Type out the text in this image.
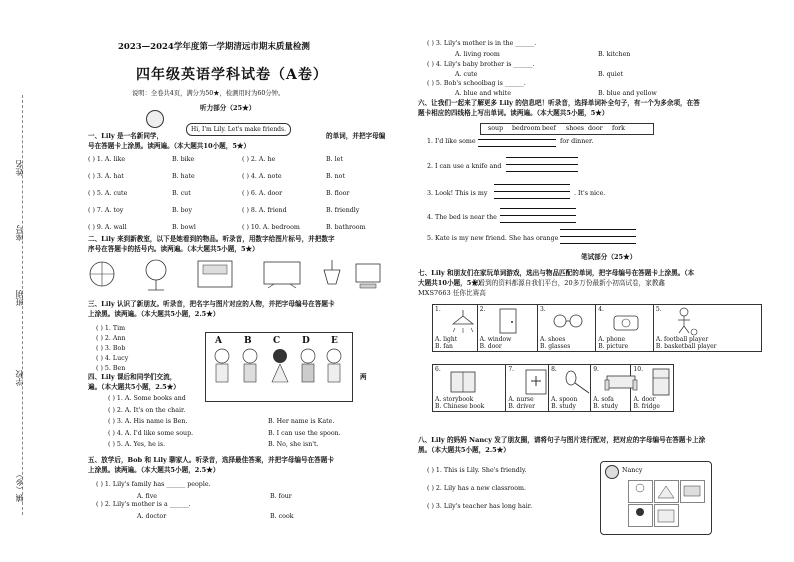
姓名
座号
班别
学校
镇（乡）
2023—2024学年度第一学期清远市期末质量检测
四年级英语学科试卷（A卷）
说明：全卷共4页，满分为50★，检测用时为60分钟。
听力部分（25★）
Hi, I'm Lily. Let's make friends.
一、Lily 是一名新同学，	的单词，并把字母编
号在答题卡上涂黑。读两遍。（本大题共10小题，5★）
( ) 1. A. like	B. bike	( ) 2. A. he	B. let
( ) 3. A. hat	B. hate	( ) 4. A. note	B. not
( ) 5. A. cute	B. cut	( ) 6. A. door	B. floor
( ) 7. A. toy	B. boy	( ) 8. A. friend	B. friendly
( ) 9. A. wall	B. bowl	( ) 10. A. bedroom	B. bathroom
二、Lily 来到新教室，以下是她看到的物品。听录音，用数字给图片标号，并把数字
序号在答题卡的括号内。读两遍。（本大题共5小题，5★）
三、Lily 认识了新朋友。听录音，把名字与图片对应的人物，并把字母编号在答题卡
上涂黑。读两遍。（本大题共5小题，2.5★）
( ) 1. Tim
( ) 2. Ann
( ) 3. Bob
( ) 4. Lucy
( ) 5. Ben
A B C D E
四、Lily 课后和同学们交流，	两
遍。（本大题共5小题，2.5★）
( ) 1. A. Some books and
( ) 2. A. It's on the chair.
( ) 3. A. His name is Ben.	B. Her name is Kate.
( ) 4. A. I'd like some soup.	B. I can use the spoon.
( ) 5. A. Yes, he is.	B. No, she isn't.
五、放学后，Bob 和 Lily 聊家人。听录音，选择最佳答案，并把字母编号在答题卡
上涂黑。读两遍。（本大题共5小题，2.5★）
( ) 1. Lily's family has ______ people.
A. five	B. four
( ) 2. Lily's mother is a ______.
A. doctor	B. cook
( ) 3. Lily's mother is in the ______.
A. living room	B. kitchen
( ) 4. Lily's baby brother is ______.
A. cute	B. quiet
( ) 5. Bob's schoolbag is ______.
A. blue and white	B. blue and yellow
六、让我们一起来了解更多 Lily 的信息吧！听录音，选择单词补全句子，有一个为多余项，在答
题卡相应的四线格上写出单词。读两遍。（本大题共5小题，5★）
soup bedroom beef shoes door fork
1. I'd like some	for dinner.
2. I can use a knife and
3. Look! This is my	. It's nice.
4. The bed is near the
5. Kate is my new friend. She has orange
笔试部分（25★）
七、Lily 和朋友们在家玩单词游戏，选出与物品匹配的单词，把字母编号在答题卡上涂黑。（本
大题共10小题，5★）
您看到的资料都源自我们平台，20多万份最新小初高试卷，家教鑫
MXS7663 任你比赛高
1.
A. light
B. fan

2.
A. window
B. door

3.
A. shoes
B. glasses

4.
A. phone
B. picture

5.
A. football player
B. basketball player
6.
A. storybook
B. Chinese book

7.
A. nurse
B. driver

8.
A. spoon
B. study

9.
A. sofa
B. study

10.
A. door
B. fridge
八、Lily 的妈妈 Nancy 发了朋友圈，请将句子与图片进行配对，把对应的字母编号在答题卡上涂
黑。（本大题共5小题，2.5★）
( ) 1. This is Lily. She's friendly.
( ) 2. Lily has a new classroom.
( ) 3. Lily's teacher has long hair.
Nancy
